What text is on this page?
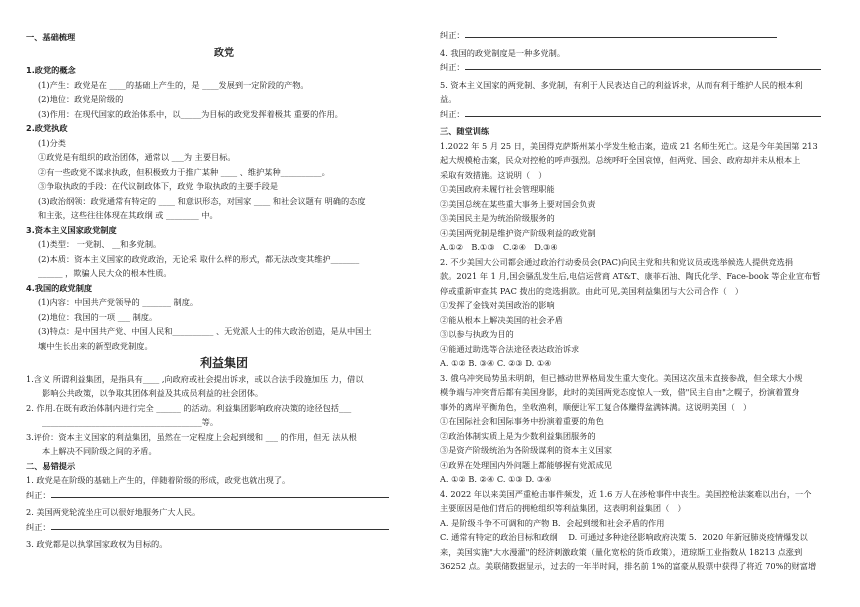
一、基础梳理
政党
1.政党的概念
(1)产生：政党是在 ____的基础上产生的，是 ____发展到一定阶段的产物。
(2)地位：政党是阶级的
(3)作用：在现代国家的政治体系中，以_____为目标的政党发挥着极其 重要的作用。
2.政党执政
(1)分类
①政党是有组织的政治团体，通常以 ___为 主要目标。
②有一些政党不谋求执政，但积极致力于推广某种 ____ 、维护某种__________。
③争取执政的手段：在代议制政体下，政党 争取执政的主要手段是
(3)政治纲领：政党通常有特定的 ____ 和意识形态，对国家 ____ 和社会议题有 明确的态度
和主张，这些往往体现在其政纲 或 ________ 中。
3.资本主义国家政党制度
(1)类型： 一党制、 __和多党制。
(2)本质：资本主义国家的政党政治，无论采 取什么样的形式，都无法改变其维护_______
______ ，欺骗人民大众的根本性质。
4.我国的政党制度
(1)内容：中国共产党领导的 _______ 制度。
(2)地位：我国的一项 ___ 制度。
(3)特点：是中国共产党、中国人民和__________ 、无党派人士的伟大政治创造，是从中国土
壤中生长出来的新型政党制度。
利益集团
1.含义 所谓利益集团，是指具有____ ,向政府或社会提出诉求，或以合法手段施加压 力，借以
影响公共政策，以争取其团体利益及其成员利益的社会团体。
2. 作用.在既有政治体制内进行完全 ______ 的活动。利益集团影响政府决策的途径包括___
_______________________________________等。
3.评价：资本主义国家的利益集团，虽然在一定程度上会起到缓和 ___ 的作用，但无 法从根
本上解决不同阶级之间的矛盾。
二、易错提示
1. 政党是在阶级的基础上产生的，伴随着阶级的形成，政党也就出现了。
纠正：
2. 美国两党轮流坐庄可以很好地服务广大人民。
纠正：
3. 政党都是以执掌国家政权为目标的。
纠正：
4. 我国的政党制度是一种多党制。
纠正：
5. 资本主义国家的两党制、多党制，有利于人民表达自己的利益诉求，从而有利于维护人民的根本利
益。
纠正：
三、随堂训练
1.2022 年 5 月 25 日，美国得克萨斯州某小学发生枪击案，造成 21 名师生死亡。这是今年美国第 213
起大规模枪击案，民众对控枪的呼声强烈。总统呼吁全国哀悼，但两党、国会、政府却并未从根本上
采取有效措施。这说明（　）
①美国政府未履行社会管理职能
②美国总统在某些重大事务上要对国会负责
③美国民主是为统治阶级服务的
④美国两党制是维护资产阶级利益的政党制
A.①②　B.①③　C.②④　D.③④
2. 不少美国大公司都会通过政治行动委员会(PAC)向民主党和共和党议员或选举候选人提供竞选捐
款。2021 年 1 月,国会骚乱发生后,电信运营商 AT&T、康菲石油、陶氏化学、Face-book 等企业宣布暂
停或重新审查其 PAC 拨出的竞选捐款。由此可见,美国利益集团与大公司合作（　）
①发挥了金钱对美国政治的影响
②能从根本上解决美国的社会矛盾
③以参与执政为目的
④能通过助选等合法途径表达政治诉求
A. ①② B. ③④ C. ②③ D. ①④
3. 俄乌冲突局势虽未明朗，但已撼动世界格局发生重大变化。美国这次虽未直接参战，但全球大小规
模争端与冲突背后都有美国身影，此时的美国两党态度惊人一致，借"民主自由"之幌子，扮演着置身
事外的离岸平衡角色，坐收渔利，顺便让军工复合体赚得盆满钵满。这说明美国（　）
①在国际社会和国际事务中扮演着重要的角色
②政治体制实质上是为少数利益集团服务的
③是资产阶级统治为各阶级谋利的资本主义国家
④政界在处理国内外问题上都能够握有党派成见
A. ①② B. ②④ C. ①③ D. ③④
4. 2022 年以来美国严重枪击事件频发，近 1.6 万人在涉枪事件中丧生。美国控枪法案难以出台，一个
主要原因是他们背后的拥枪组织等利益集团，这表明利益集团（　）
A. 是阶级斗争不可调和的产物 B．会起到缓和社会矛盾的作用
C. 通常有特定的政治目标和政纲　 D. 可通过多种途径影响政府决策 5．2020 年新冠肺炎疫情爆发以
来，美国实施"大水漫灌"的经济刺激政策（量化宽松的货币政策），道琼斯工业指数从 18213 点涨到
36252 点。美联储数据显示，过去的一年半时间，排名前 1%的富豪从股票中获得了将近 70%的财富增
